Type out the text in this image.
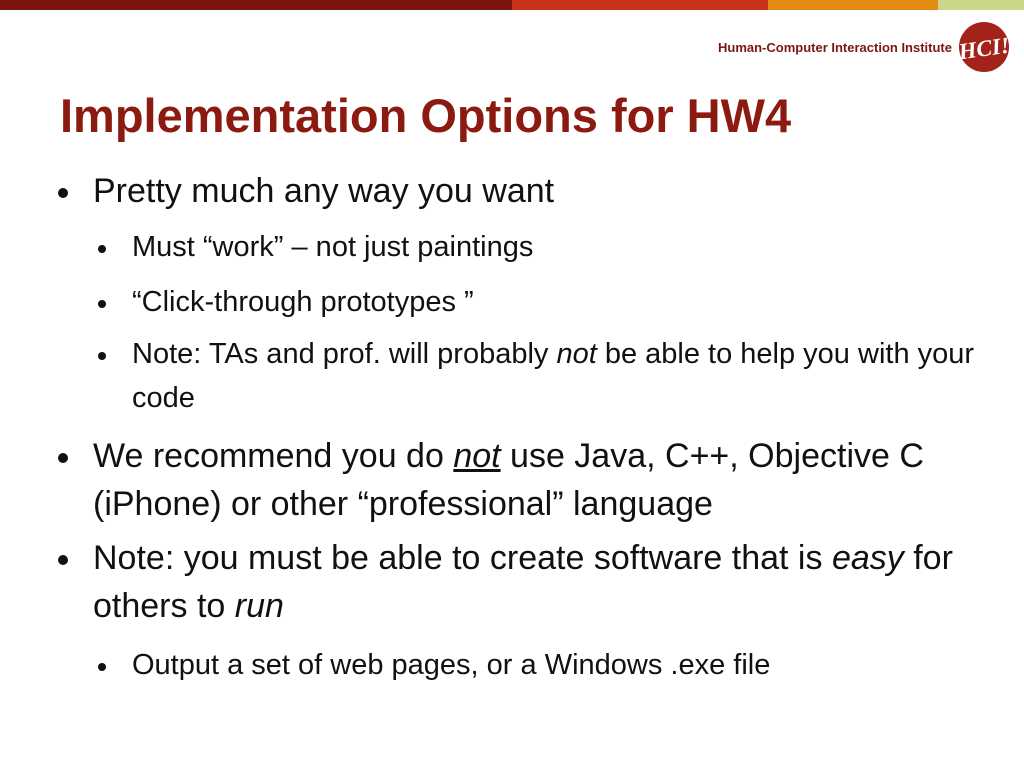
Human-Computer Interaction Institute HCI!
Implementation Options for HW4
Pretty much any way you want
Must “work” – not just paintings
“Click-through prototypes ”
Note: TAs and prof. will probably not be able to help you with your code
We recommend you do not use Java, C++, Objective C (iPhone) or other “professional” language
Note: you must be able to create software that is easy for others to run
Output a set of web pages, or a Windows .exe file
